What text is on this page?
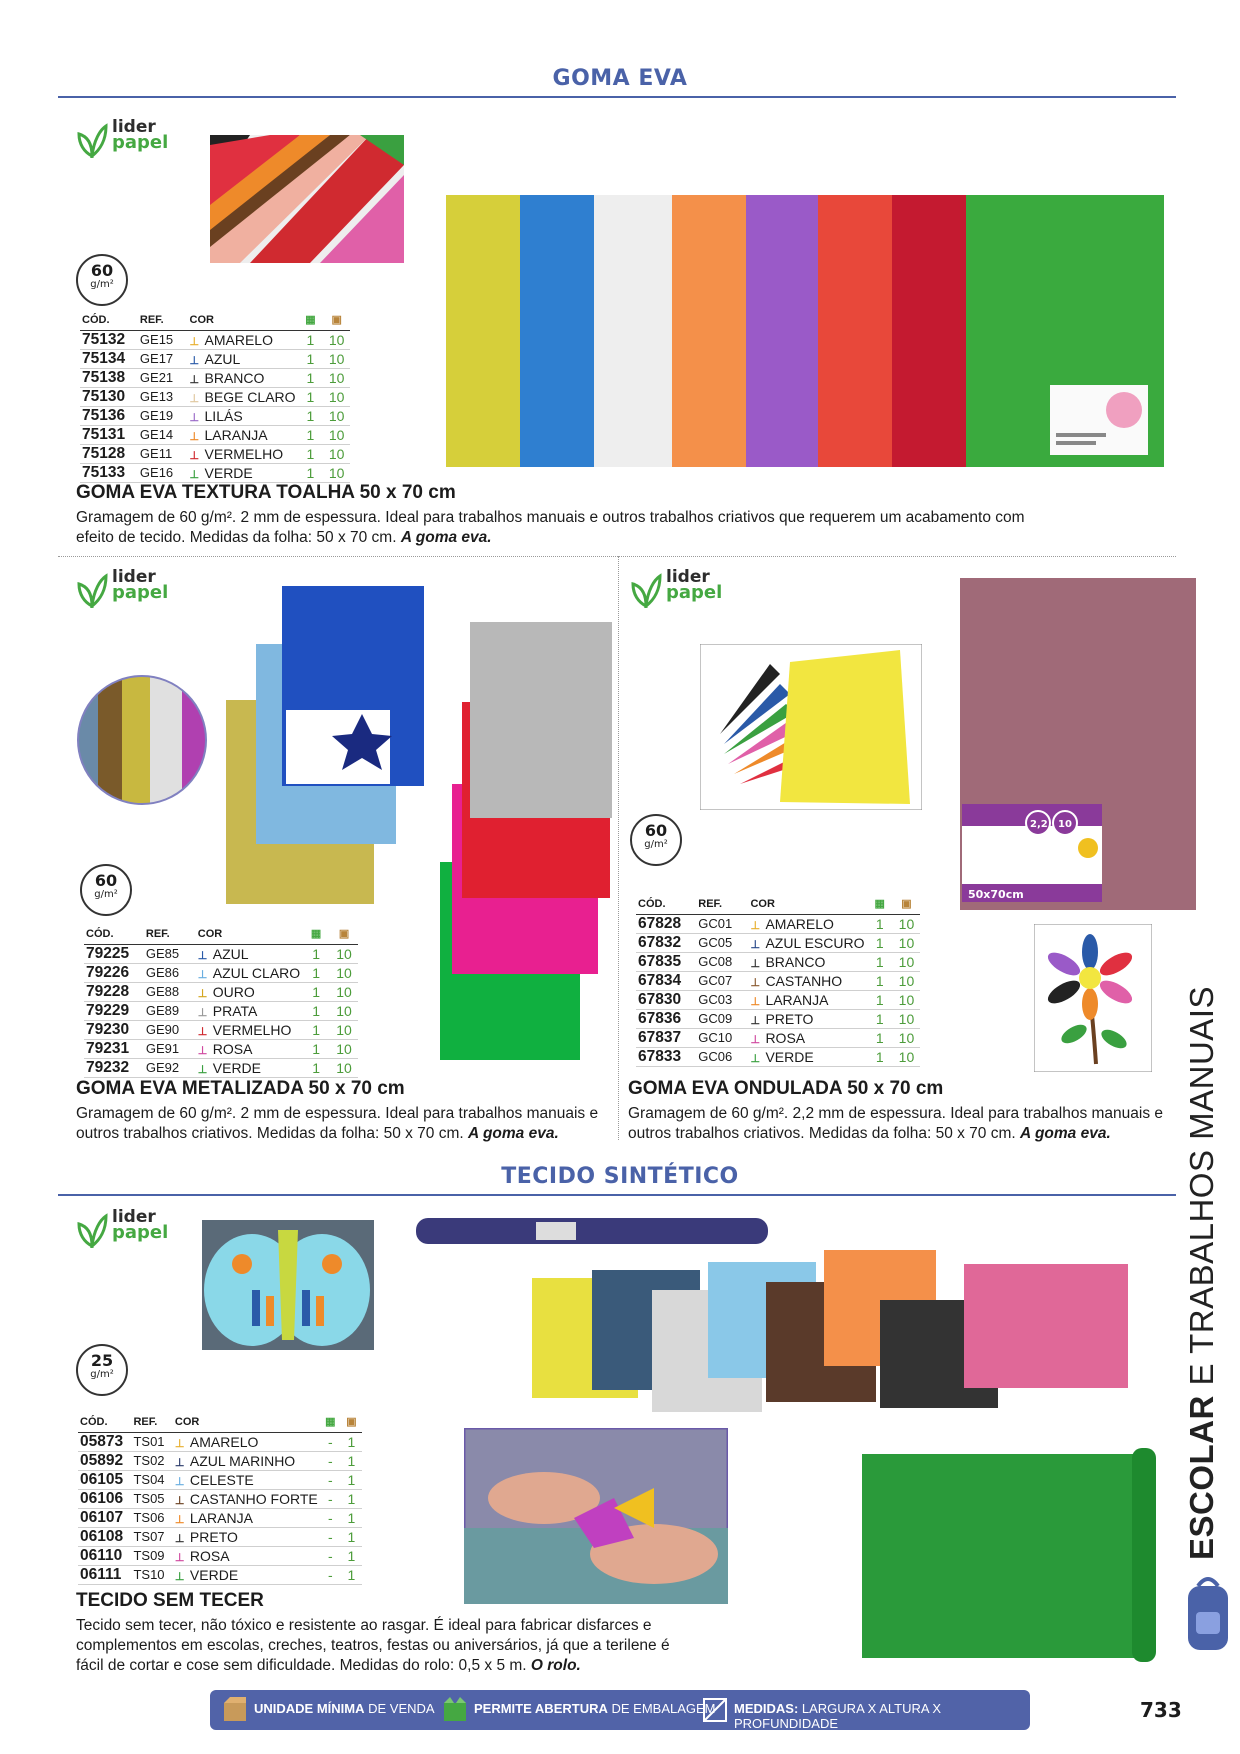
GOMA EVA
lider
papel
60
g/m²
CÓD.	REF.	COR	▦	▣
75132	GE15	⊥ AMARELO	1	10
75134	GE17	⊥ AZUL	1	10
75138	GE21	⊥ BRANCO	1	10
75130	GE13	⊥ BEGE CLARO	1	10
75136	GE19	⊥ LILÁS	1	10
75131	GE14	⊥ LARANJA	1	10
75128	GE11	⊥ VERMELHO	1	10
75133	GE16	⊥ VERDE	1	10
GOMA EVA TEXTURA TOALHA 50 x 70 cm
Gramagem de 60 g/m². 2 mm de espessura. Ideal para trabalhos manuais e outros trabalhos criativos que requerem um acabamento com efeito de tecido. Medidas da folha: 50 x 70 cm. A goma eva.
lider
papel
60
g/m²
CÓD.	REF.	COR	▦	▣
79225	GE85	⊥ AZUL	1	10
79226	GE86	⊥ AZUL CLARO	1	10
79228	GE88	⊥ OURO	1	10
79229	GE89	⊥ PRATA	1	10
79230	GE90	⊥ VERMELHO	1	10
79231	GE91	⊥ ROSA	1	10
79232	GE92	⊥ VERDE	1	10
GOMA EVA METALIZADA 50 x 70 cm
Gramagem de 60 g/m². 2 mm de espessura. Ideal para trabalhos manuais e outros trabalhos criativos. Medidas da folha: 50 x 70 cm. A goma eva.
lider
papel
50x70cm
2,2 10
60
g/m²
CÓD.	REF.	COR	▦	▣
67828	GC01	⊥ AMARELO	1	10
67832	GC05	⊥ AZUL ESCURO	1	10
67835	GC08	⊥ BRANCO	1	10
67834	GC07	⊥ CASTANHO	1	10
67830	GC03	⊥ LARANJA	1	10
67836	GC09	⊥ PRETO	1	10
67837	GC10	⊥ ROSA	1	10
67833	GC06	⊥ VERDE	1	10
GOMA EVA ONDULADA 50 x 70 cm
Gramagem de 60 g/m². 2,2 mm de espessura. Ideal para trabalhos manuais e outros trabalhos criativos. Medidas da folha: 50 x 70 cm. A goma eva.
TECIDO SINTÉTICO
lider
papel
25
g/m²
CÓD.	REF.	COR	▦	▣
05873	TS01	⊥ AMARELO	-	1
05892	TS02	⊥ AZUL MARINHO	-	1
06105	TS04	⊥ CELESTE	-	1
06106	TS05	⊥ CASTANHO FORTE	-	1
06107	TS06	⊥ LARANJA	-	1
06108	TS07	⊥ PRETO	-	1
06110	TS09	⊥ ROSA	-	1
06111	TS10	⊥ VERDE	-	1
TECIDO SEM TECER
Tecido sem tecer, não tóxico e resistente ao rasgar. É ideal para fabricar disfarces e complementos em escolas, creches, teatros, festas ou aniversários, já que a terilene é fácil de cortar e cose sem dificuldade. Medidas do rolo: 0,5 x 5 m. O rolo.
ESCOLAR E TRABALHOS MANUAIS
UNIDADE MÍNIMA DE VENDA	PERMITE ABERTURA DE EMBALAGEM MEDIDAS: LARGURA X ALTURA X PROFUNDIDADE
733
